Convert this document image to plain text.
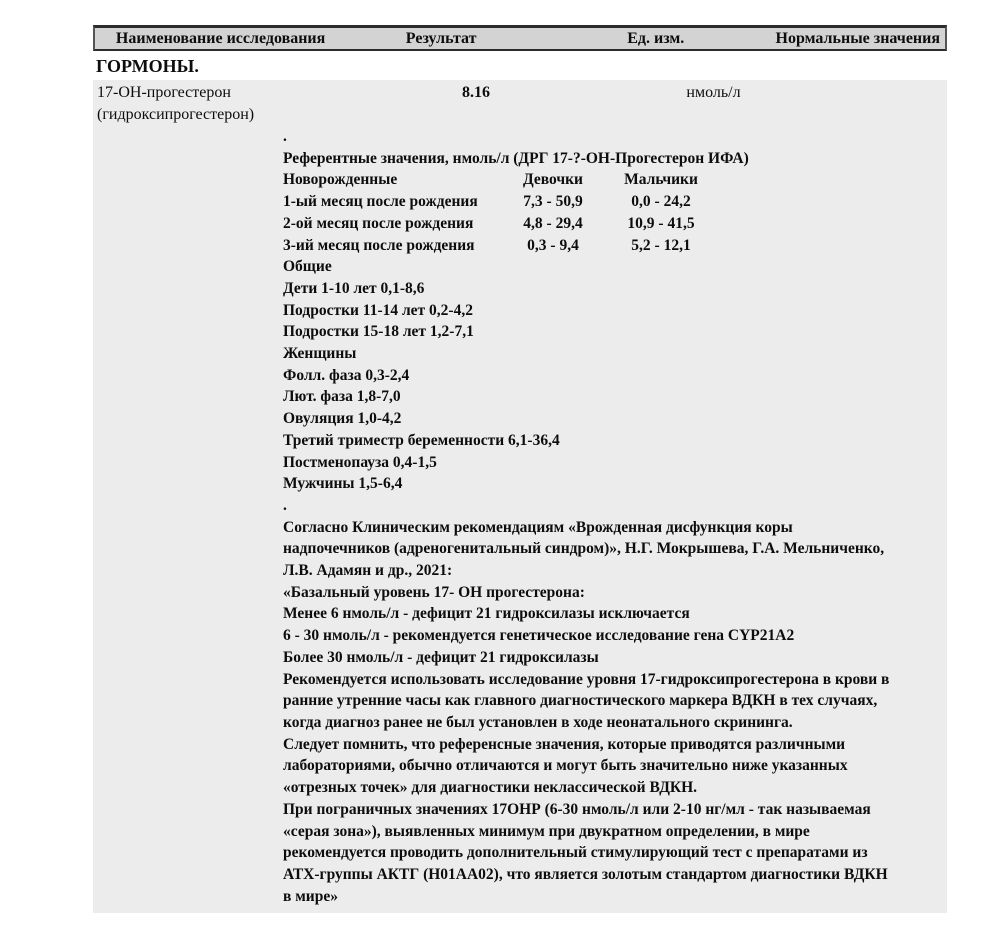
Наименование исследования	Результат	Ед. изм.	Нормальные значения
ГОРМОНЫ.
17-ОН-прогестерон
(гидроксипрогестерон)
8.16	нмоль/л
.
Референтные значения, нмоль/л (ДРГ 17-?-ОН-Прогестерон ИФА)
Новорожденные	Девочки	Мальчики
1-ый месяц после рождения	7,3 - 50,9	0,0 - 24,2
2-ой месяц после рождения	4,8 - 29,4	10,9 - 41,5
3-ий месяц после рождения	0,3 - 9,4	5,2 - 12,1
Общие
Дети 1-10 лет 0,1-8,6
Подростки 11-14 лет 0,2-4,2
Подростки 15-18 лет 1,2-7,1
Женщины
Фолл. фаза 0,3-2,4
Лют. фаза 1,8-7,0
Овуляция 1,0-4,2
Третий триместр беременности 6,1-36,4
Постменопауза 0,4-1,5
Мужчины 1,5-6,4
.
Согласно Клиническим рекомендациям «Врожденная дисфункция коры
надпочечников (адреногенитальный синдром)», Н.Г. Мокрышева, Г.А. Мельниченко,
Л.В. Адамян и др., 2021:
«Базальный уровень 17- ОН прогестерона:
Менее 6 нмоль/л - дефицит 21 гидроксилазы исключается
6 - 30 нмоль/л - рекомендуется генетическое исследование гена CYP21A2
Более 30 нмоль/л - дефицит 21 гидроксилазы
Рекомендуется использовать исследование уровня 17-гидроксипрогестерона в крови в
ранние утренние часы как главного диагностического маркера ВДКН в тех случаях,
когда диагноз ранее не был установлен в ходе неонатального скрининга.
Следует помнить, что референсные значения, которые приводятся различными
лабораториями, обычно отличаются и могут быть значительно ниже указанных
«отрезных точек» для диагностики неклассической ВДКН.
При пограничных значениях 17ОНР (6-30 нмоль/л или 2-10 нг/мл - так называемая
«серая зона»), выявленных минимум при двукратном определении, в мире
рекомендуется проводить дополнительный стимулирующий тест с препаратами из
АТХ-группы АКТГ (H01AA02), что является золотым стандартом диагностики ВДКН
в мире»
